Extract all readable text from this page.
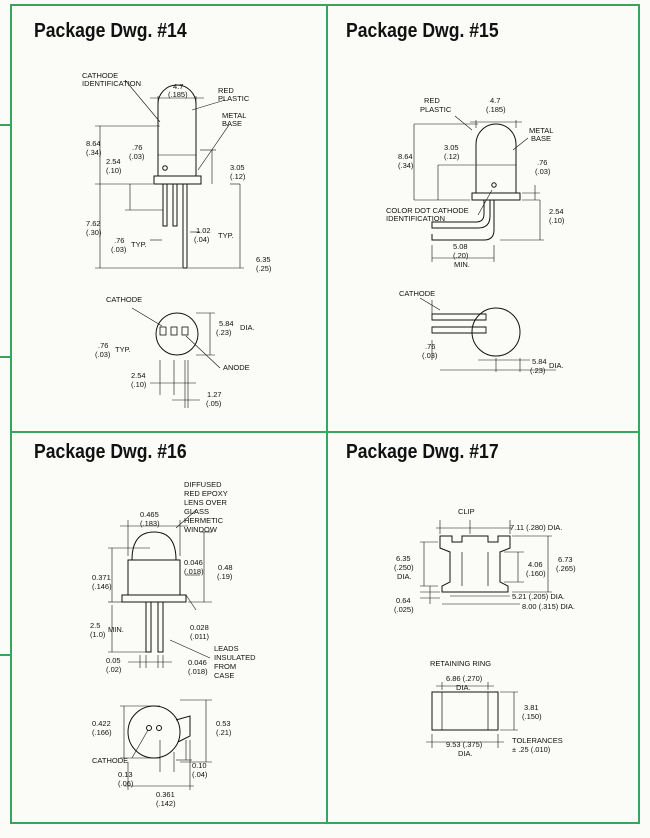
Package Dwg. #14
CATHODE
IDENTIFICATION	4.7
(.185)	RED
PLASTIC
METAL
BASE
8.64
(.34)
.76
(.03)
2.54
(.10)	3.05
(.12)
7.62
(.30)	1.02
(.04) TYP.
.76
(.03)
TYP.
6.35
(.25)
CATHODE
5.84
(.23)
DIA.
.76
(.03)
TYP.
ANODE
2.54
(.10)
1.27
(.05)
Package Dwg. #15
RED
PLASTIC
4.7
(.185)
METAL
BASE
8.64
(.34)
3.05
(.12)
.76
(.03)
COLOR DOT CATHODE
IDENTIFICATION
2.54
(.10)
5.08
(.20)
MIN.
CATHODE
.76
(.03)
5.84
(.23)
DIA.
Package Dwg. #16
DIFFUSED
RED EPOXY
LENS OVER
GLASS
HERMETIC
WINDOW
0.465
(.183)
0.046
(.018) 0.48
(.19)
0.371
(.146)
0.028
(.011)
2.5
(1.0)
MIN.
LEADS
INSULATED
FROM
CASE
0.05
(.02)
0.046
(.018)
0.422
(.166)
0.53
(.21)
CATHODE
0.10
(.04)
0.13
(.06)
0.361
(.142)
Package Dwg. #17
CLIP
7.11 (.280) DIA.
6.35
(.250)
DIA.
4.06
(.160)
6.73
(.265)
0.64
(.025)
5.21 (.205) DIA.
8.00 (.315) DIA.
RETAINING RING
6.86 (.270)
DIA.
3.81
(.150)
TOLERANCES
± .25 (.010)
9.53 (.375)
DIA.
